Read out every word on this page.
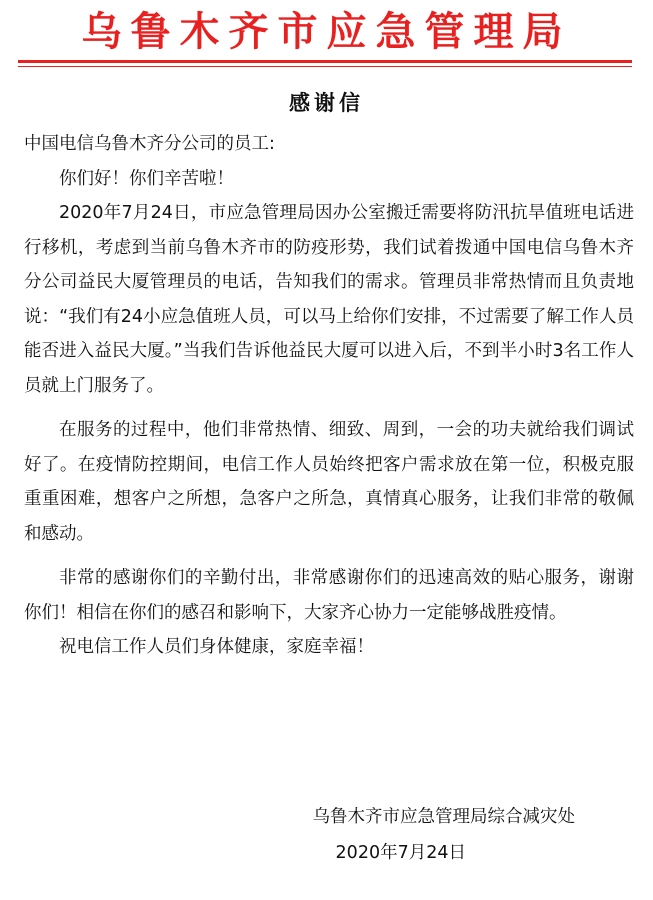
乌鲁木齐市应急管理局
感谢信

中国电信乌鲁木齐分公司的员工:

你们好！你们辛苦啦！

2020年7月24日，市应急管理局因办公室搬迁需要将防汛抗旱值班电话进行移机，考虑到当前乌鲁木齐市的防疫形势，我们试着拨通中国电信乌鲁木齐分公司益民大厦管理员的电话，告知我们的需求。管理员非常热情而且负责地说：“我们有24小应急值班人员，可以马上给你们安排，不过需要了解工作人员能否进入益民大厦。”当我们告诉他益民大厦可以进入后，不到半小时3名工作人员就上门服务了。

在服务的过程中，他们非常热情、细致、周到，一会的功夫就给我们调试好了。在疫情防控期间，电信工作人员始终把客户需求放在第一位，积极克服重重困难，想客户之所想，急客户之所急，真情真心服务，让我们非常的敬佩和感动。

非常的感谢你们的辛勤付出，非常感谢你们的迅速高效的贴心服务，谢谢你们！相信在你们的感召和影响下，大家齐心协力一定能够战胜疫情。

祝电信工作人员们身体健康，家庭幸福！

乌鲁木齐市应急管理局综合减灾处
2020年7月24日
